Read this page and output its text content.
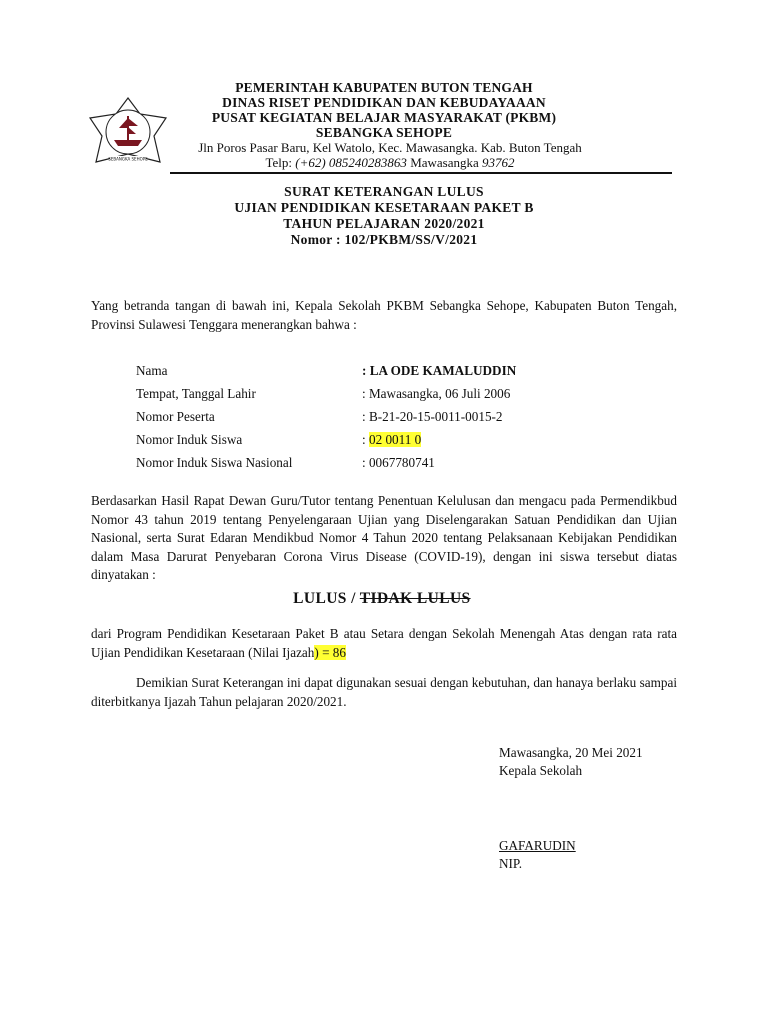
SEBANGKA SEHOPE
PEMERINTAH KABUPATEN BUTON TENGAH
DINAS RISET PENDIDIKAN DAN KEBUDAYAAAN
PUSAT KEGIATAN BELAJAR MASYARAKAT (PKBM)
SEBANGKA SEHOPE
Jln Poros Pasar Baru, Kel Watolo, Kec. Mawasangka. Kab. Buton Tengah
Telp: (+62) 085240283863 Mawasangka 93762
SURAT KETERANGAN LULUS
UJIAN PENDIDIKAN KESETARAAN PAKET B
TAHUN PELAJARAN 2020/2021
Nomor : 102/PKBM/SS/V/2021
Yang betranda tangan di bawah ini, Kepala Sekolah PKBM Sebangka Sehope, Kabupaten Buton Tengah, Provinsi Sulawesi Tenggara menerangkan bahwa :
Nama	: LA ODE KAMALUDDIN
Tempat, Tanggal Lahir	: Mawasangka, 06 Juli 2006
Nomor Peserta	: B-21-20-15-0011-0015-2
Nomor Induk Siswa	: 02 0011 0
Nomor Induk Siswa Nasional	: 0067780741
Berdasarkan Hasil Rapat Dewan Guru/Tutor tentang Penentuan Kelulusan dan mengacu pada Permendikbud Nomor 43 tahun 2019 tentang Penyelengaraan Ujian yang Diselengarakan Satuan Pendidikan dan Ujian Nasional, serta Surat Edaran Mendikbud Nomor 4 Tahun 2020 tentang Pelaksanaan Kebijakan Pendidikan dalam Masa Darurat Penyebaran Corona Virus Disease (COVID-19), dengan ini siswa tersebut diatas dinyatakan :
LULUS / TIDAK LULUS
dari Program Pendidikan Kesetaraan Paket B atau Setara dengan Sekolah Menengah Atas dengan rata rata Ujian Pendidikan Kesetaraan (Nilai Ijazah) = 86
Demikian Surat Keterangan ini dapat digunakan sesuai dengan kebutuhan, dan hanaya berlaku sampai diterbitkanya Ijazah Tahun pelajaran 2020/2021.
Mawasangka, 20 Mei 2021
Kepala Sekolah
GAFARUDIN
NIP.
